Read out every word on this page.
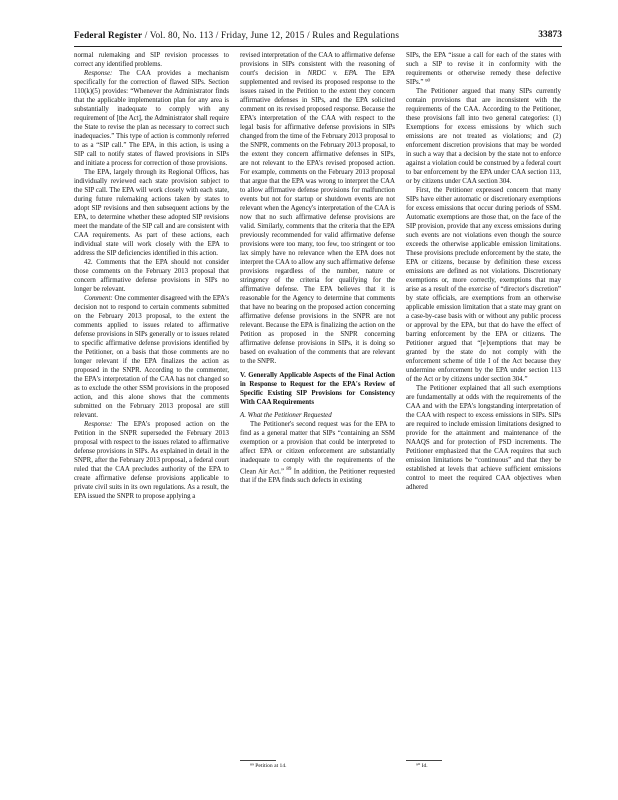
Federal Register / Vol. 80, No. 113 / Friday, June 12, 2015 / Rules and Regulations	33873

normal rulemaking and SIP revision processes to correct any identified problems.

Response: The CAA provides a mechanism specifically for the correction of flawed SIPs. Section 110(k)(5) provides: “Whenever the Administrator finds that the applicable implementation plan for any area is substantially inadequate to comply with any requirement of [the Act], the Administrator shall require the State to revise the plan as necessary to correct such inadequacies.” This type of action is commonly referred to as a “SIP call.” The EPA, in this action, is using a SIP call to notify states of flawed provisions in SIPs and initiate a process for correction of those provisions.

The EPA, largely through its Regional Offices, has individually reviewed each state provision subject to the SIP call. The EPA will work closely with each state, during future rulemaking actions taken by states to adopt SIP revisions and then subsequent actions by the EPA, to determine whether these adopted SIP revisions meet the mandate of the SIP call and are consistent with CAA requirements. As part of these actions, each individual state will work closely with the EPA to address the SIP deficiencies identified in this action.

42. Comments that the EPA should not consider those comments on the February 2013 proposal that concern affirmative defense provisions in SIPs no longer be relevant.

Comment: One commenter disagreed with the EPA's decision not to respond to certain comments submitted on the February 2013 proposal, to the extent the comments applied to issues related to affirmative defense provisions in SIPs generally or to issues related to specific affirmative defense provisions identified by the Petitioner, on a basis that those comments are no longer relevant if the EPA finalizes the action as proposed in the SNPR. According to the commenter, the EPA's interpretation of the CAA has not changed so as to exclude the other SSM provisions in the proposed action, and this alone shows that the comments submitted on the February 2013 proposal are still relevant.

Response: The EPA's proposed action on the Petition in the SNPR superseded the February 2013 proposal with respect to the issues related to affirmative defense provisions in SIPs. As explained in detail in the SNPR, after the February 2013 proposal, a federal court ruled that the CAA precludes authority of the EPA to create affirmative defense provisions applicable to private civil suits in its own regulations. As a result, the EPA issued the SNPR to propose applying a

revised interpretation of the CAA to affirmative defense provisions in SIPs consistent with the reasoning of court's decision in NRDC v. EPA. The EPA supplemented and revised its proposed response to the issues raised in the Petition to the extent they concern affirmative defenses in SIPs, and the EPA solicited comment on its revised proposed response. Because the EPA's interpretation of the CAA with respect to the legal basis for affirmative defense provisions in SIPs changed from the time of the February 2013 proposal to the SNPR, comments on the February 2013 proposal, to the extent they concern affirmative defenses in SIPs, are not relevant to the EPA's revised proposed action. For example, comments on the February 2013 proposal that argue that the EPA was wrong to interpret the CAA to allow affirmative defense provisions for malfunction events but not for startup or shutdown events are not relevant when the Agency's interpretation of the CAA is now that no such affirmative defense provisions are valid. Similarly, comments that the criteria that the EPA previously recommended for valid affirmative defense provisions were too many, too few, too stringent or too lax simply have no relevance when the EPA does not interpret the CAA to allow any such affirmative defense provisions regardless of the number, nature or stringency of the criteria for qualifying for the affirmative defense. The EPA believes that it is reasonable for the Agency to determine that comments that have no bearing on the proposed action concerning affirmative defense provisions in the SNPR are not relevant. Because the EPA is finalizing the action on the Petition as proposed in the SNPR concerning affirmative defense provisions in SIPs, it is doing so based on evaluation of the comments that are relevant to the SNPR.

V. Generally Applicable Aspects of the Final Action in Response to Request for the EPA's Review of Specific Existing SIP Provisions for Consistency With CAA Requirements

A. What the Petitioner Requested

The Petitioner's second request was for the EPA to find as a general matter that SIPs “containing an SSM exemption or a provision that could be interpreted to affect EPA or citizen enforcement are substantially inadequate to comply with the requirements of the Clean Air Act.” $^{89}$ In addition, the Petitioner requested that if the EPA finds such defects in existing

⁸⁹ Petition at 14.

SIPs, the EPA “issue a call for each of the states with such a SIP to revise it in conformity with the requirements or otherwise remedy these defective SIPs.” ⁹⁰

The Petitioner argued that many SIPs currently contain provisions that are inconsistent with the requirements of the CAA. According to the Petitioner, these provisions fall into two general categories: (1) Exemptions for excess emissions by which such emissions are not treated as violations; and (2) enforcement discretion provisions that may be worded in such a way that a decision by the state not to enforce against a violation could be construed by a federal court to bar enforcement by the EPA under CAA section 113, or by citizens under CAA section 304.

First, the Petitioner expressed concern that many SIPs have either automatic or discretionary exemptions for excess emissions that occur during periods of SSM. Automatic exemptions are those that, on the face of the SIP provision, provide that any excess emissions during such events are not violations even though the source exceeds the otherwise applicable emission limitations. These provisions preclude enforcement by the state, the EPA or citizens, because by definition these excess emissions are defined as not violations. Discretionary exemptions or, more correctly, exemptions that may arise as a result of the exercise of “director's discretion” by state officials, are exemptions from an otherwise applicable emission limitation that a state may grant on a case-by-case basis with or without any public process or approval by the EPA, but that do have the effect of barring enforcement by the EPA or citizens. The Petitioner argued that “[e]xemptions that may be granted by the state do not comply with the enforcement scheme of title I of the Act because they undermine enforcement by the EPA under section 113 of the Act or by citizens under section 304.”

The Petitioner explained that all such exemptions are fundamentally at odds with the requirements of the CAA and with the EPA's longstanding interpretation of the CAA with respect to excess emissions in SIPs. SIPs are required to include emission limitations designed to provide for the attainment and maintenance of the NAAQS and for protection of PSD increments. The Petitioner emphasized that the CAA requires that such emission limitations be “continuous” and that they be established at levels that achieve sufficient emissions control to meet the required CAA objectives when adhered

⁹⁰ Id.
